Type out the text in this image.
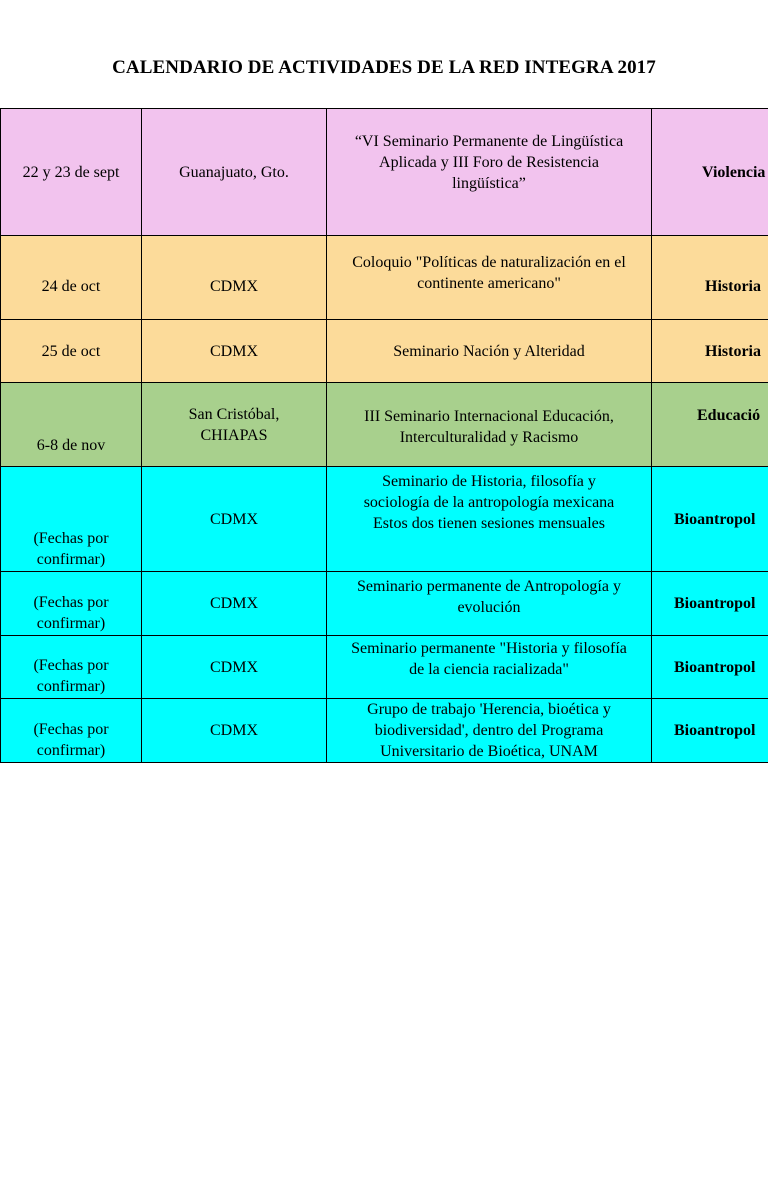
CALENDARIO DE ACTIVIDADES DE LA RED INTEGRA 2017
22 y 23 de sept	Guanajuato, Gto.	“VI Seminario Permanente de Lingüística
Aplicada y III Foro de Resistencia
lingüística”	Violencia

24 de oct	CDMX	Coloquio "Políticas de naturalización en el
continente americano"	Historia

25 de oct	CDMX	Seminario Nación y Alteridad	Historia

6-8 de nov	San Cristóbal,
CHIAPAS	III Seminario Internacional Educación,
Interculturalidad y Racismo	Educació

(Fechas por
confirmar)	CDMX	Seminario de Historia, filosofía y
sociología de la antropología mexicana
Estos dos tienen sesiones mensuales	Bioantropol

(Fechas por
confirmar)	CDMX	Seminario permanente de Antropología y
evolución	Bioantropol

(Fechas por
confirmar)	CDMX	Seminario permanente "Historia y filosofía
de la ciencia racializada"	Bioantropol

(Fechas por
confirmar)	CDMX	Grupo de trabajo 'Herencia, bioética y
biodiversidad', dentro del Programa
Universitario de Bioética, UNAM	Bioantropol
